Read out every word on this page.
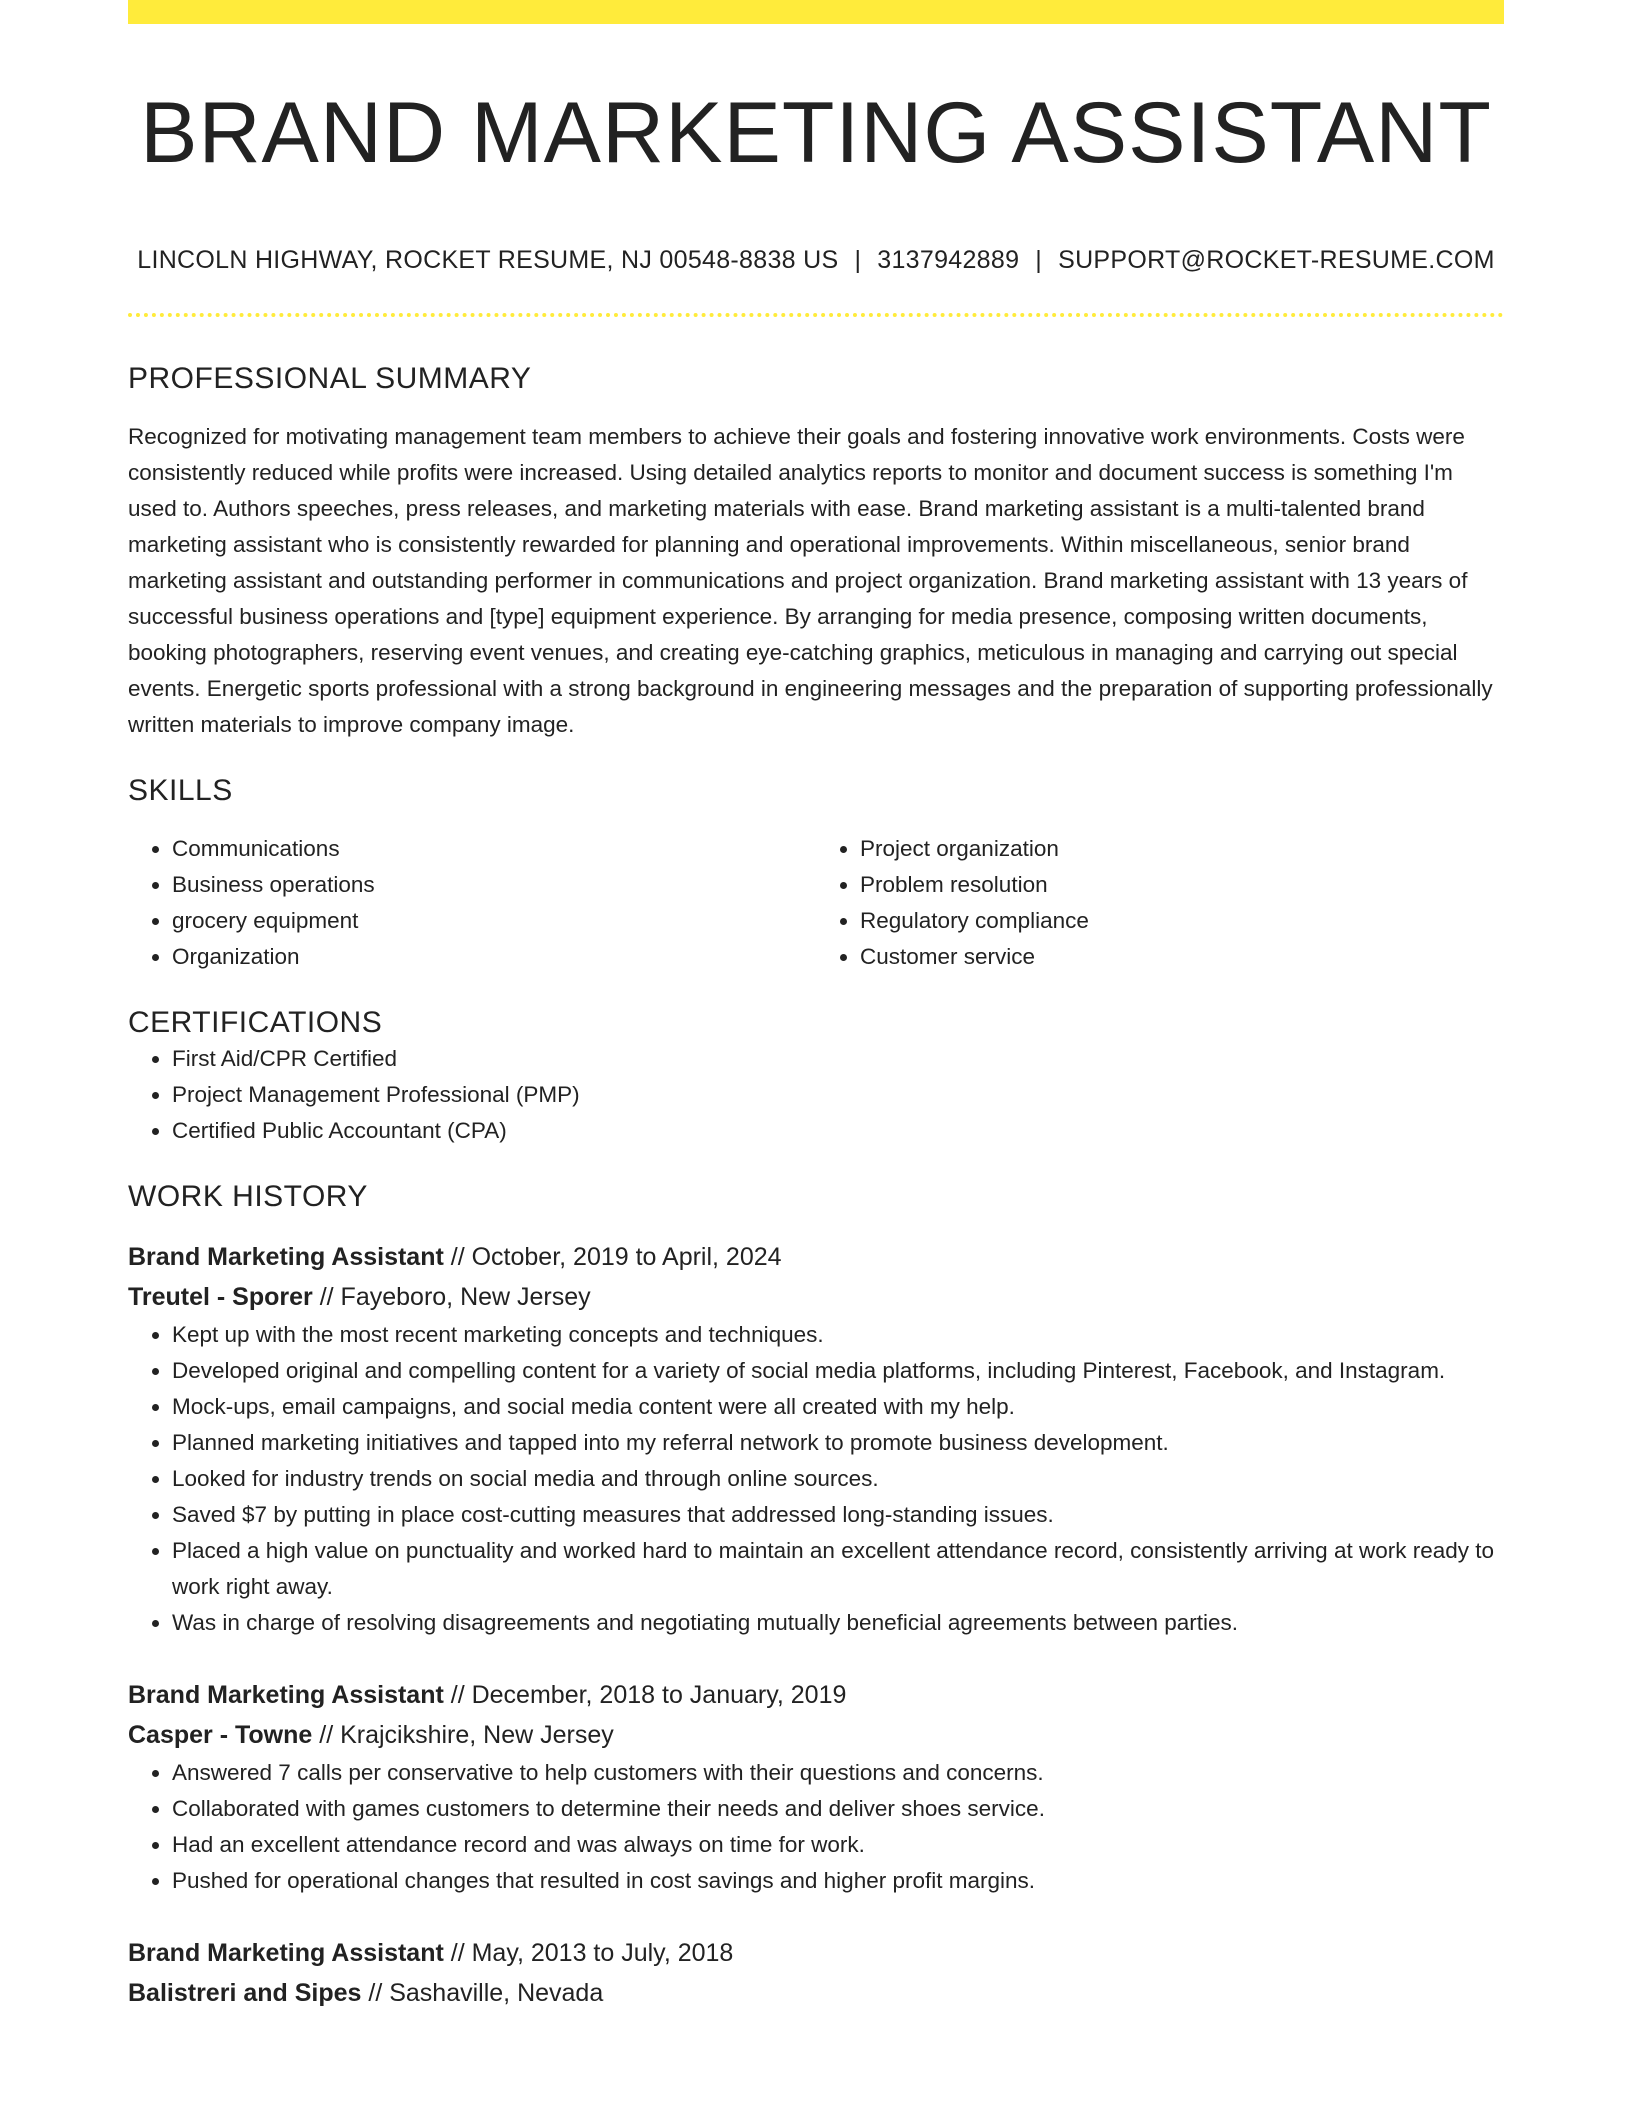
BRAND MARKETING ASSISTANT
LINCOLN HIGHWAY, ROCKET RESUME, NJ 00548-8838 US | 3137942889 | SUPPORT@ROCKET-RESUME.COM
PROFESSIONAL SUMMARY

Recognized for motivating management team members to achieve their goals and fostering innovative work environments. Costs were consistently reduced while profits were increased. Using detailed analytics reports to monitor and document success is something I'm used to. Authors speeches, press releases, and marketing materials with ease. Brand marketing assistant is a multi-talented brand marketing assistant who is consistently rewarded for planning and operational improvements. Within miscellaneous, senior brand marketing assistant and outstanding performer in communications and project organization. Brand marketing assistant with 13 years of successful business operations and [type] equipment experience. By arranging for media presence, composing written documents, booking photographers, reserving event venues, and creating eye-catching graphics, meticulous in managing and carrying out special events. Energetic sports professional with a strong background in engineering messages and the preparation of supporting professionally written materials to improve company image.

SKILLS
• Communications
• Business operations
• grocery equipment
• Organization
• Project organization
• Problem resolution
• Regulatory compliance
• Customer service
CERTIFICATIONS
• First Aid/CPR Certified
• Project Management Professional (PMP)
• Certified Public Accountant (CPA)
WORK HISTORY
Brand Marketing Assistant // October, 2019 to April, 2024
Treutel - Sporer // Fayeboro, New Jersey
• Kept up with the most recent marketing concepts and techniques.
• Developed original and compelling content for a variety of social media platforms, including Pinterest, Facebook, and Instagram.
• Mock-ups, email campaigns, and social media content were all created with my help.
• Planned marketing initiatives and tapped into my referral network to promote business development.
• Looked for industry trends on social media and through online sources.
• Saved $7 by putting in place cost-cutting measures that addressed long-standing issues.
• Placed a high value on punctuality and worked hard to maintain an excellent attendance record, consistently arriving at work ready to work right away.
• Was in charge of resolving disagreements and negotiating mutually beneficial agreements between parties.
Brand Marketing Assistant // December, 2018 to January, 2019
Casper - Towne // Krajcikshire, New Jersey
• Answered 7 calls per conservative to help customers with their questions and concerns.
• Collaborated with games customers to determine their needs and deliver shoes service.
• Had an excellent attendance record and was always on time for work.
• Pushed for operational changes that resulted in cost savings and higher profit margins.
Brand Marketing Assistant // May, 2013 to July, 2018
Balistreri and Sipes // Sashaville, Nevada
